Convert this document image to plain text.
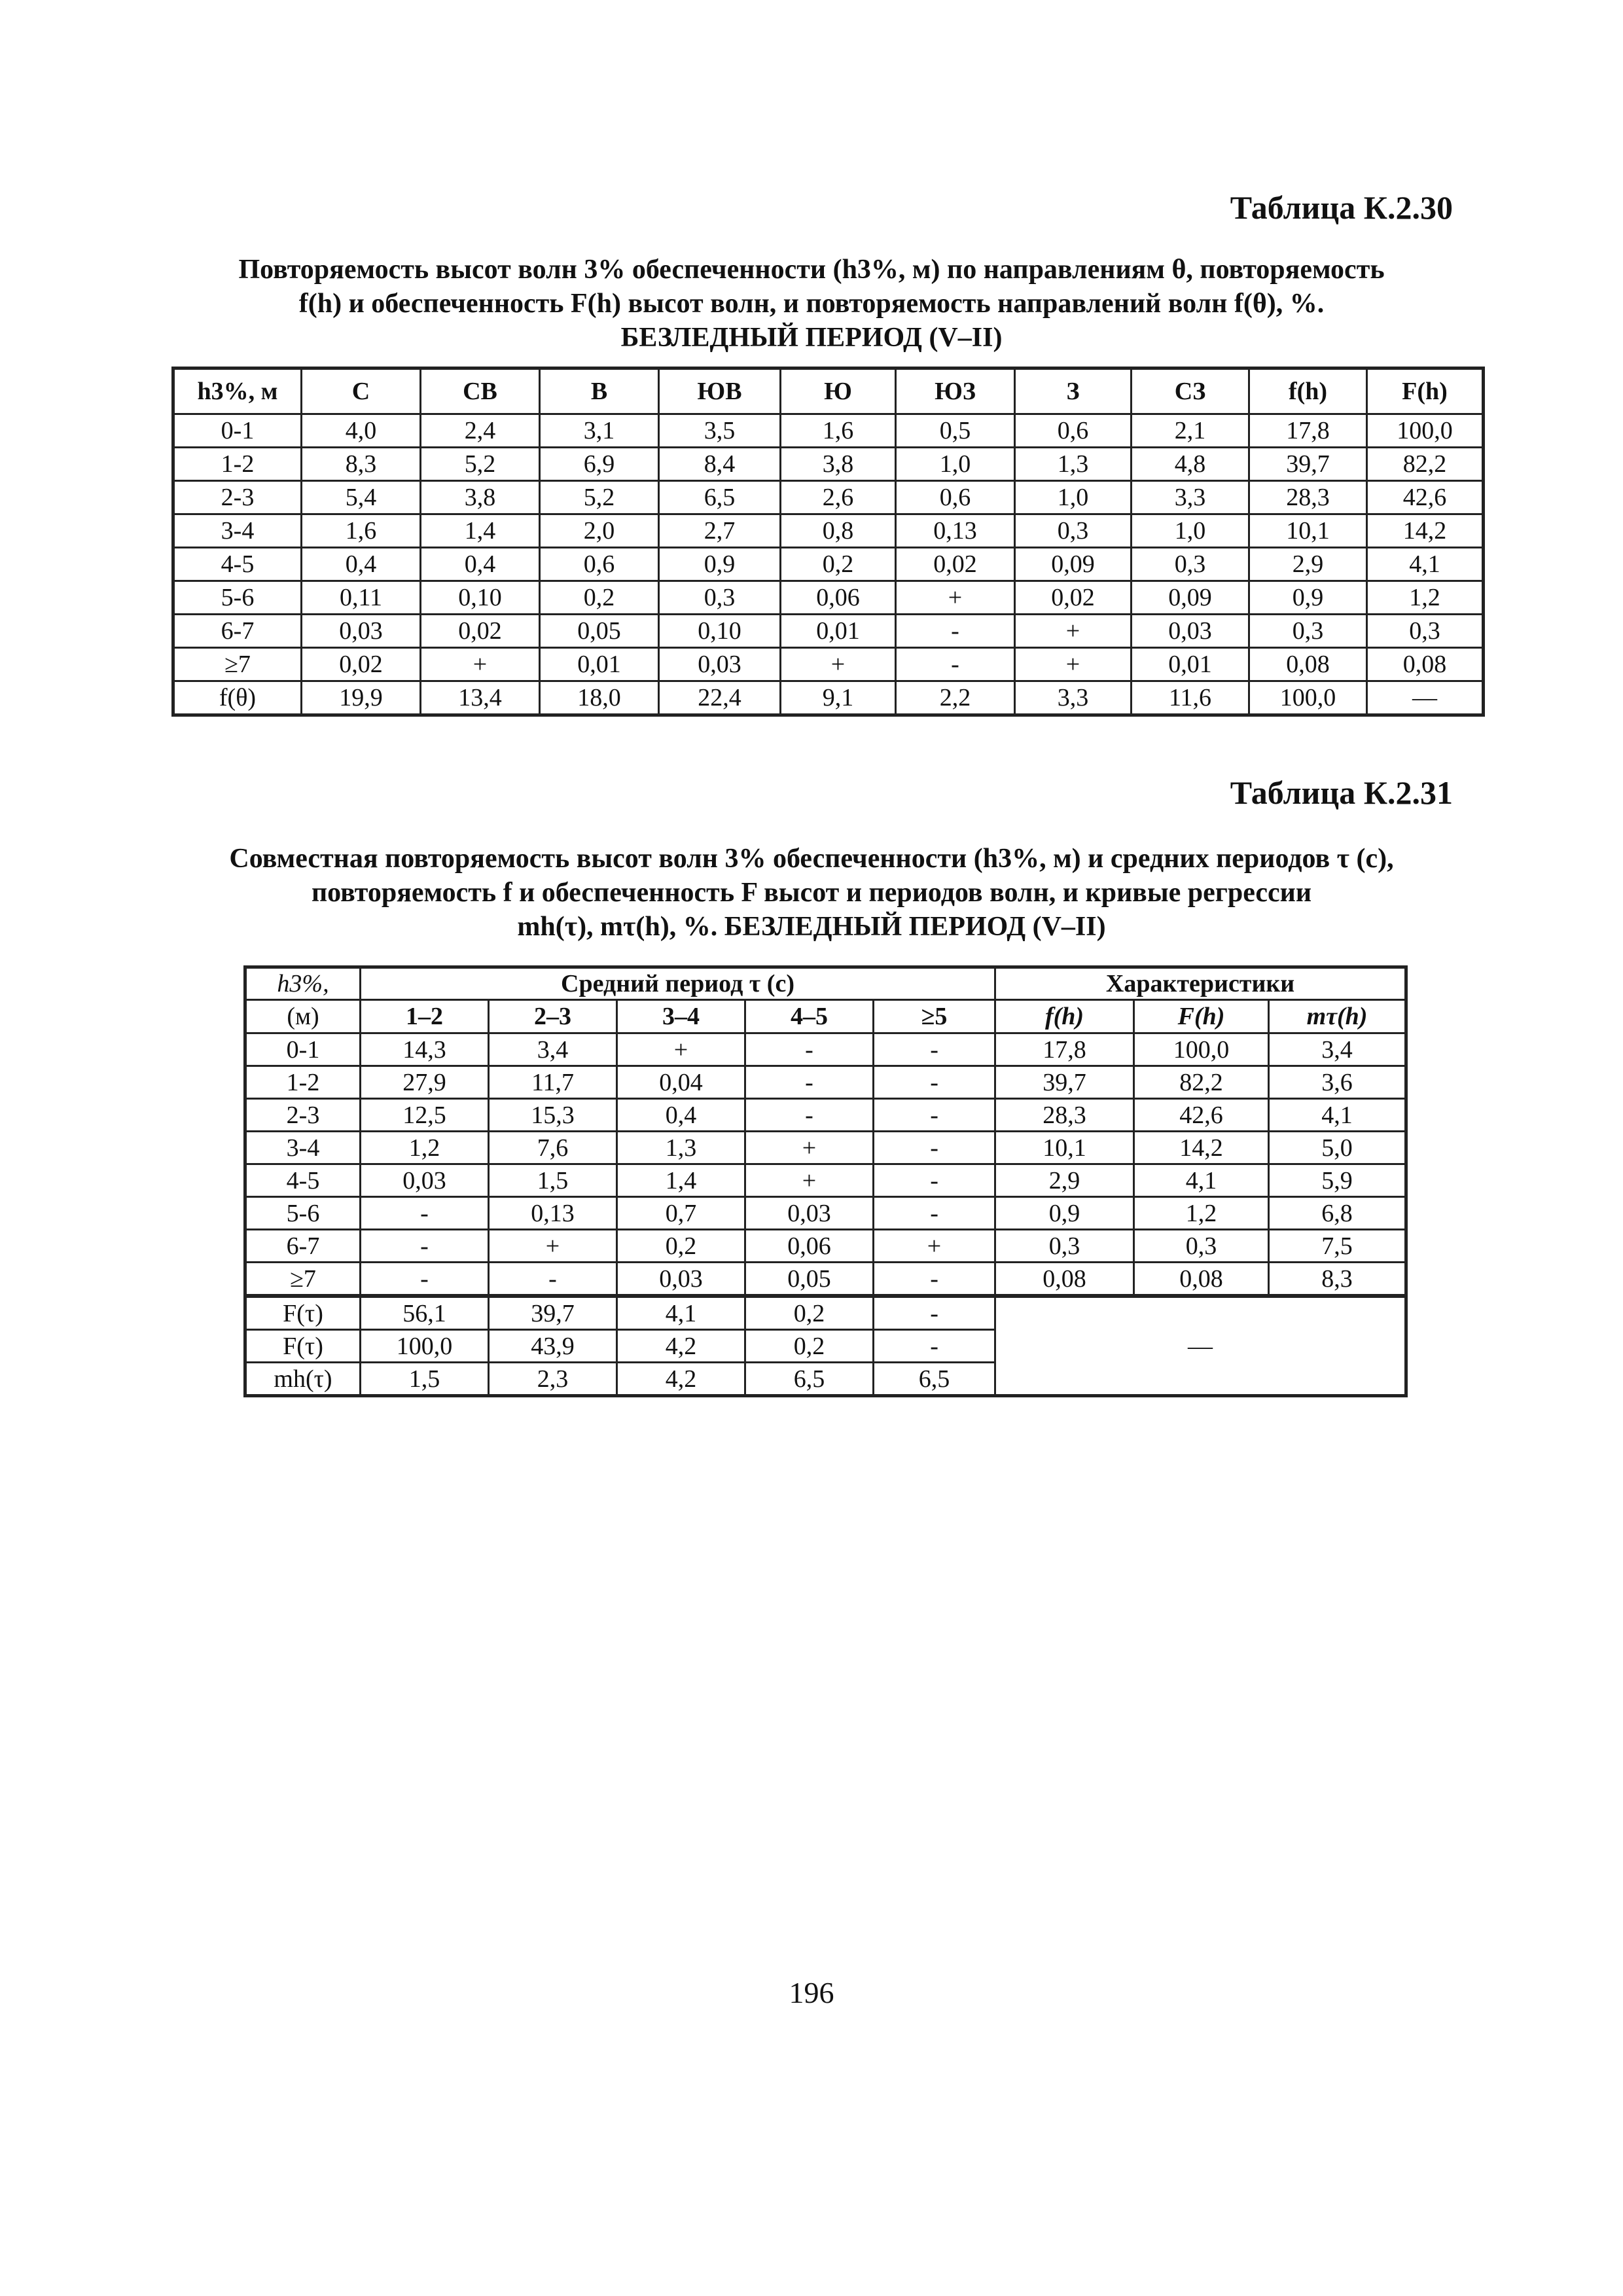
Таблица К.2.30
Повторяемость высот волн 3% обеспеченности (h3%, м) по направлениям θ, повторяемость
f(h) и обеспеченность F(h) высот волн, и повторяемость направлений волн f(θ), %.
БЕЗЛЕДНЫЙ ПЕРИОД (V–II)
h3%, м	С	СВ	В	ЮВ	Ю	ЮЗ	З	СЗ	f(h)	F(h)
0-1	4,0	2,4	3,1	3,5	1,6	0,5	0,6	2,1	17,8	100,0
1-2	8,3	5,2	6,9	8,4	3,8	1,0	1,3	4,8	39,7	82,2
2-3	5,4	3,8	5,2	6,5	2,6	0,6	1,0	3,3	28,3	42,6
3-4	1,6	1,4	2,0	2,7	0,8	0,13	0,3	1,0	10,1	14,2
4-5	0,4	0,4	0,6	0,9	0,2	0,02	0,09	0,3	2,9	4,1
5-6	0,11	0,10	0,2	0,3	0,06	+	0,02	0,09	0,9	1,2
6-7	0,03	0,02	0,05	0,10	0,01	-	+	0,03	0,3	0,3
≥7	0,02	+	0,01	0,03	+	-	+	0,01	0,08	0,08
f(θ)	19,9	13,4	18,0	22,4	9,1	2,2	3,3	11,6	100,0	—
Таблица К.2.31
Совместная повторяемость высот волн 3% обеспеченности (h3%, м) и средних периодов τ (с),
повторяемость f и обеспеченность F высот и периодов волн, и кривые регрессии
mh(τ), mτ(h), %. БЕЗЛЕДНЫЙ ПЕРИОД (V–II)
h3%,	Средний период τ (с)					Характеристики		
(м)	1–2	2–3	3–4	4–5	≥5	f(h)	F(h)	mτ(h)
0-1	14,3	3,4	+	-	-	17,8	100,0	3,4
1-2	27,9	11,7	0,04	-	-	39,7	82,2	3,6
2-3	12,5	15,3	0,4	-	-	28,3	42,6	4,1
3-4	1,2	7,6	1,3	+	-	10,1	14,2	5,0
4-5	0,03	1,5	1,4	+	-	2,9	4,1	5,9
5-6	-	0,13	0,7	0,03	-	0,9	1,2	6,8
6-7	-	+	0,2	0,06	+	0,3	0,3	7,5
≥7	-	-	0,03	0,05	-	0,08	0,08	8,3
F(τ)	56,1	39,7	4,1	0,2	-	—		
F(τ)	100,0	43,9	4,2	0,2	-			
mh(τ)	1,5	2,3	4,2	6,5	6,5			
196
